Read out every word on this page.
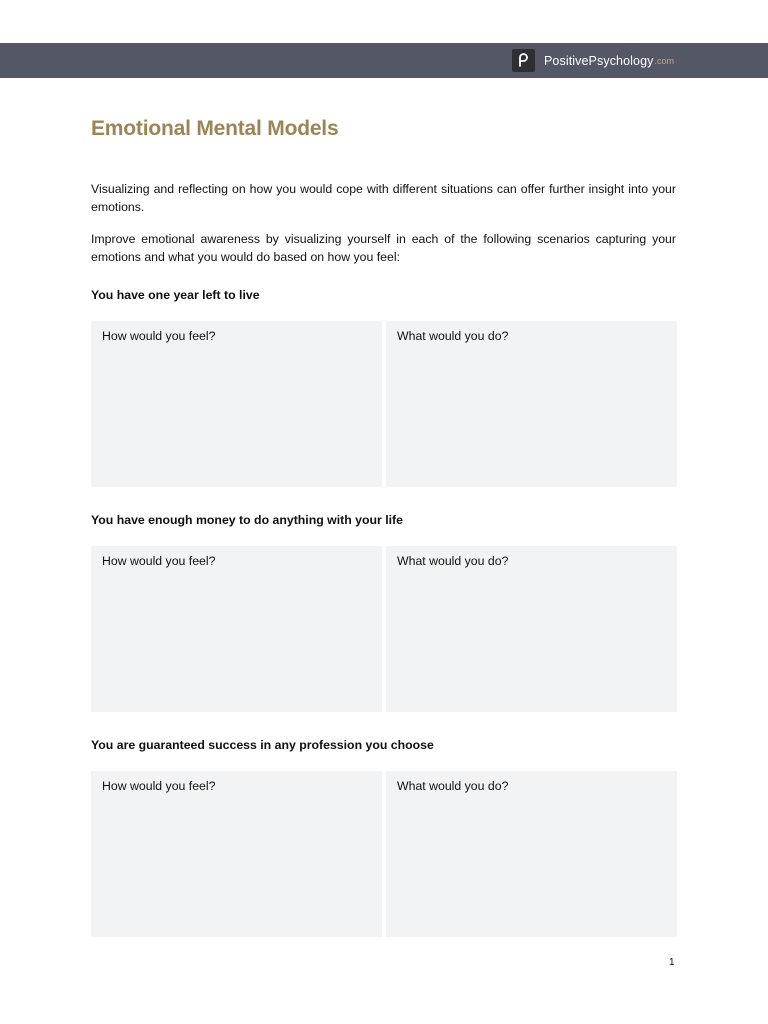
PositivePsychology .com
Emotional Mental Models

Visualizing and reflecting on how you would cope with different situations can offer further insight into your emotions.

Improve emotional awareness by visualizing yourself in each of the following scenarios capturing your emotions and what you would do based on how you feel:

You have one year left to live

How would you feel?	What would you do?

You have enough money to do anything with your life

How would you feel?	What would you do?

You are guaranteed success in any profession you choose

How would you feel?	What would you do?
1
